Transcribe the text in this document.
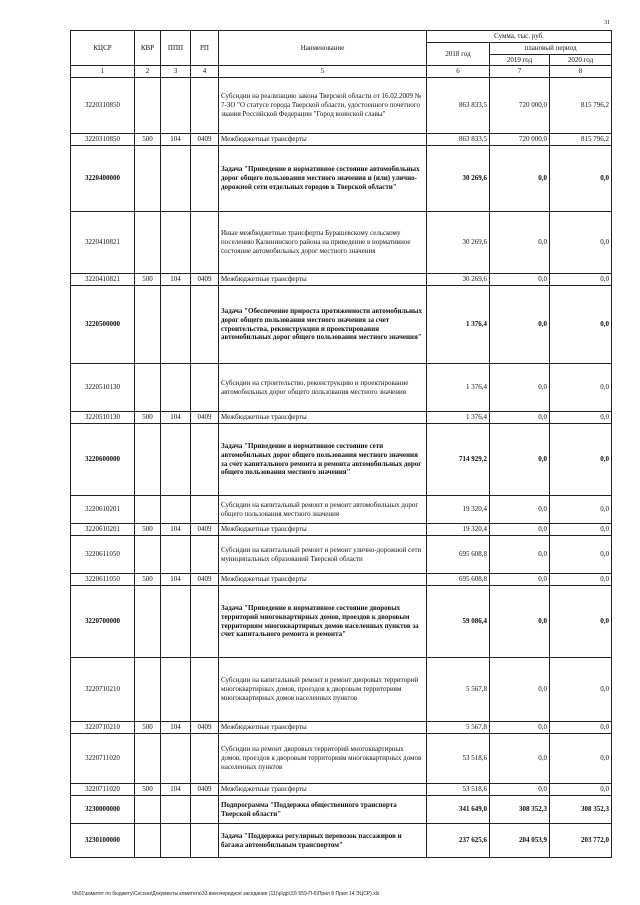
31
КЦСР	КВР	ППП	РП	Наименование	Сумма, тыс. руб.		
					2018 год	плановый период	
						2019 год	2020 год
1	2	3	4	5	6	7	8
3220310850				Субсидии на реализацию закона Тверской области от 16.02.2009 № 7-ЗО "О статусе города Тверской области, удостоенного почетного звания Российской Федерации "Город воинской славы"	863 833,5	720 000,0	815 796,2
3220310850	500	104	0409	Межбюджетные трансферты	863 833,5	720 000,0	815 796,2
3220400000				Задача "Приведение в нормативное состояние автомобильных дорог общего пользования местного значения и (или) улично-дорожной сети отдельных городов в Тверской области"	30 269,6	0,0	0,0
3220410821				Иные межбюджетные трансферты Бурашевскому сельскому поселению Калининского района на приведение в нормативное состояние автомобильных дорог местного значения	30 269,6	0,0	0,0
3220410821	500	104	0409	Межбюджетные трансферты	30 269,6	0,0	0,0
3220500000				Задача "Обеспечение прироста протяженности автомобильных дорог общего пользования местного значения за счет строительства, реконструкции и проектирования автомобильных дорог общего пользования местного значения"	1 376,4	0,0	0,0
3220510130				Субсидии на строительство, реконструкцию и проектирование автомобильных дорог общего пользования местного значения	1 376,4	0,0	0,0
3220510130	500	104	0409	Межбюджетные трансферты	1 376,4	0,0	0,0
3220600000				Задача "Приведение в нормативное состояние сети автомобильных дорог общего пользования местного значения за счет капитального ремонта и ремонта автомобильных дорог общего пользования местного значения"	714 929,2	0,0	0,0
3220610201				Субсидии на капитальный ремонт и ремонт автомобильных дорог общего пользования местного значения	19 320,4	0,0	0,0
3220610201	500	104	0409	Межбюджетные трансферты	19 320,4	0,0	0,0
3220611050				Субсидии на капитальный ремонт и ремонт улично-дорожной сети муниципальных образований Тверской области	695 608,8	0,0	0,0
3220611050	500	104	0409	Межбюджетные трансферты	695 608,8	0,0	0,0
3220700000				Задача "Приведение в нормативное состояние дворовых территорий многоквартирных домов, проездов к дворовым территориям многоквартирных домов населенных пунктов за счет капитального ремонта и ремонта"	59 086,4	0,0	0,0
3220710210				Субсидии на капитальный ремонт и ремонт дворовых территорий многоквартирных домов, проездов к дворовым территориям многоквартирных домов населенных пунктов	5 567,8	0,0	0,0
3220710210	500	104	0409	Межбюджетные трансферты	5 567,8	0,0	0,0
3220711020				Субсидии на ремонт дворовых территорий многоквартирных домов, проездов к дворовым территориям многоквартирных домов населенных пунктов	53 518,6	0,0	0,0
3220711020	500	104	0409	Межбюджетные трансферты	53 518,6	0,0	0,0
3230000000				Подпрограмма "Поддержка общественного транспорта Тверской области"	341 649,0	308 352,3	308 352,3
3230100000				Задача "Поддержка регулярных перевозок пассажиров и багажа автомобильным транспортом"	237 625,6	204 053,9	203 772,0
\\fs01\комитет по бюджету\Сессии\Документы комитета\33 внеочередное заседание (11)\р\др\33\ 659-П-6\Прил 8 Прил 14 ЭЦСР).xls
